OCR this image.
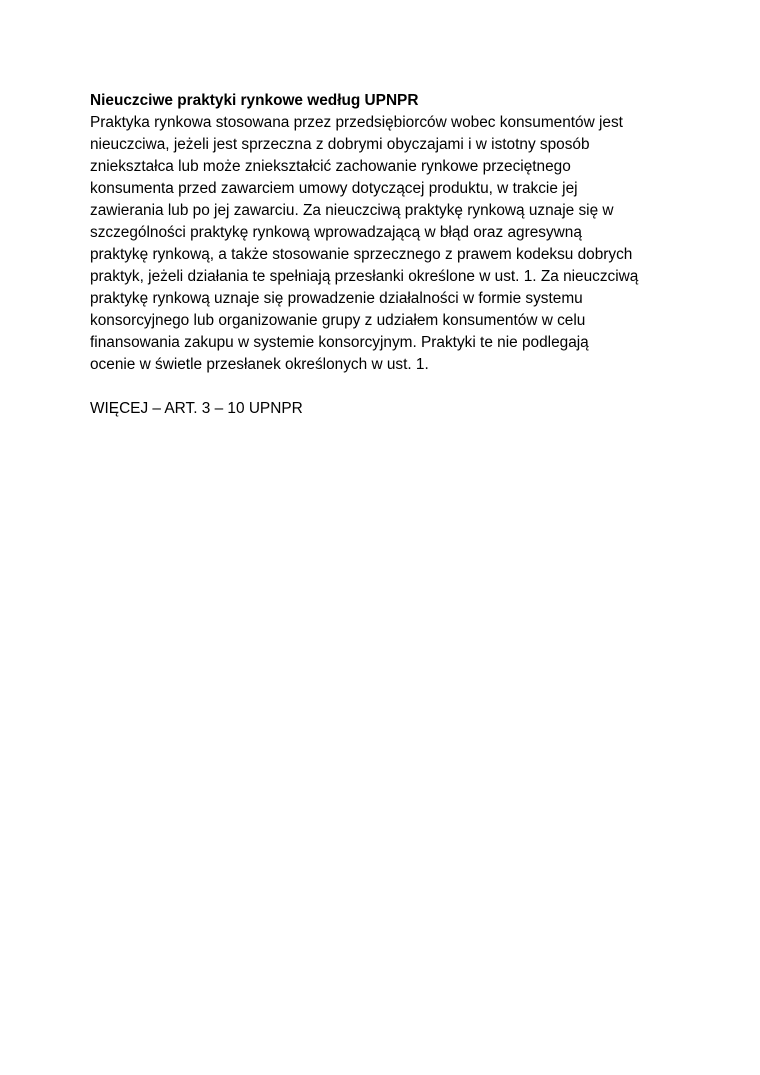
Nieuczciwe praktyki rynkowe według UPNPR

Praktyka rynkowa stosowana przez przedsiębiorców wobec konsumentów jest

nieuczciwa, jeżeli jest sprzeczna z dobrymi obyczajami i w istotny sposób

zniekształca lub może zniekształcić zachowanie rynkowe przeciętnego

konsumenta przed zawarciem umowy dotyczącej produktu, w trakcie jej

zawierania lub po jej zawarciu. Za nieuczciwą praktykę rynkową uznaje się w

szczególności praktykę rynkową wprowadzającą w błąd oraz agresywną

praktykę rynkową, a także stosowanie sprzecznego z prawem kodeksu dobrych

praktyk, jeżeli działania te spełniają przesłanki określone w ust. 1. Za nieuczciwą

praktykę rynkową uznaje się prowadzenie działalności w formie systemu

konsorcyjnego lub organizowanie grupy z udziałem konsumentów w celu

finansowania zakupu w systemie konsorcyjnym. Praktyki te nie podlegają

ocenie w świetle przesłanek określonych w ust. 1.

WIĘCEJ – ART. 3 – 10 UPNPR
